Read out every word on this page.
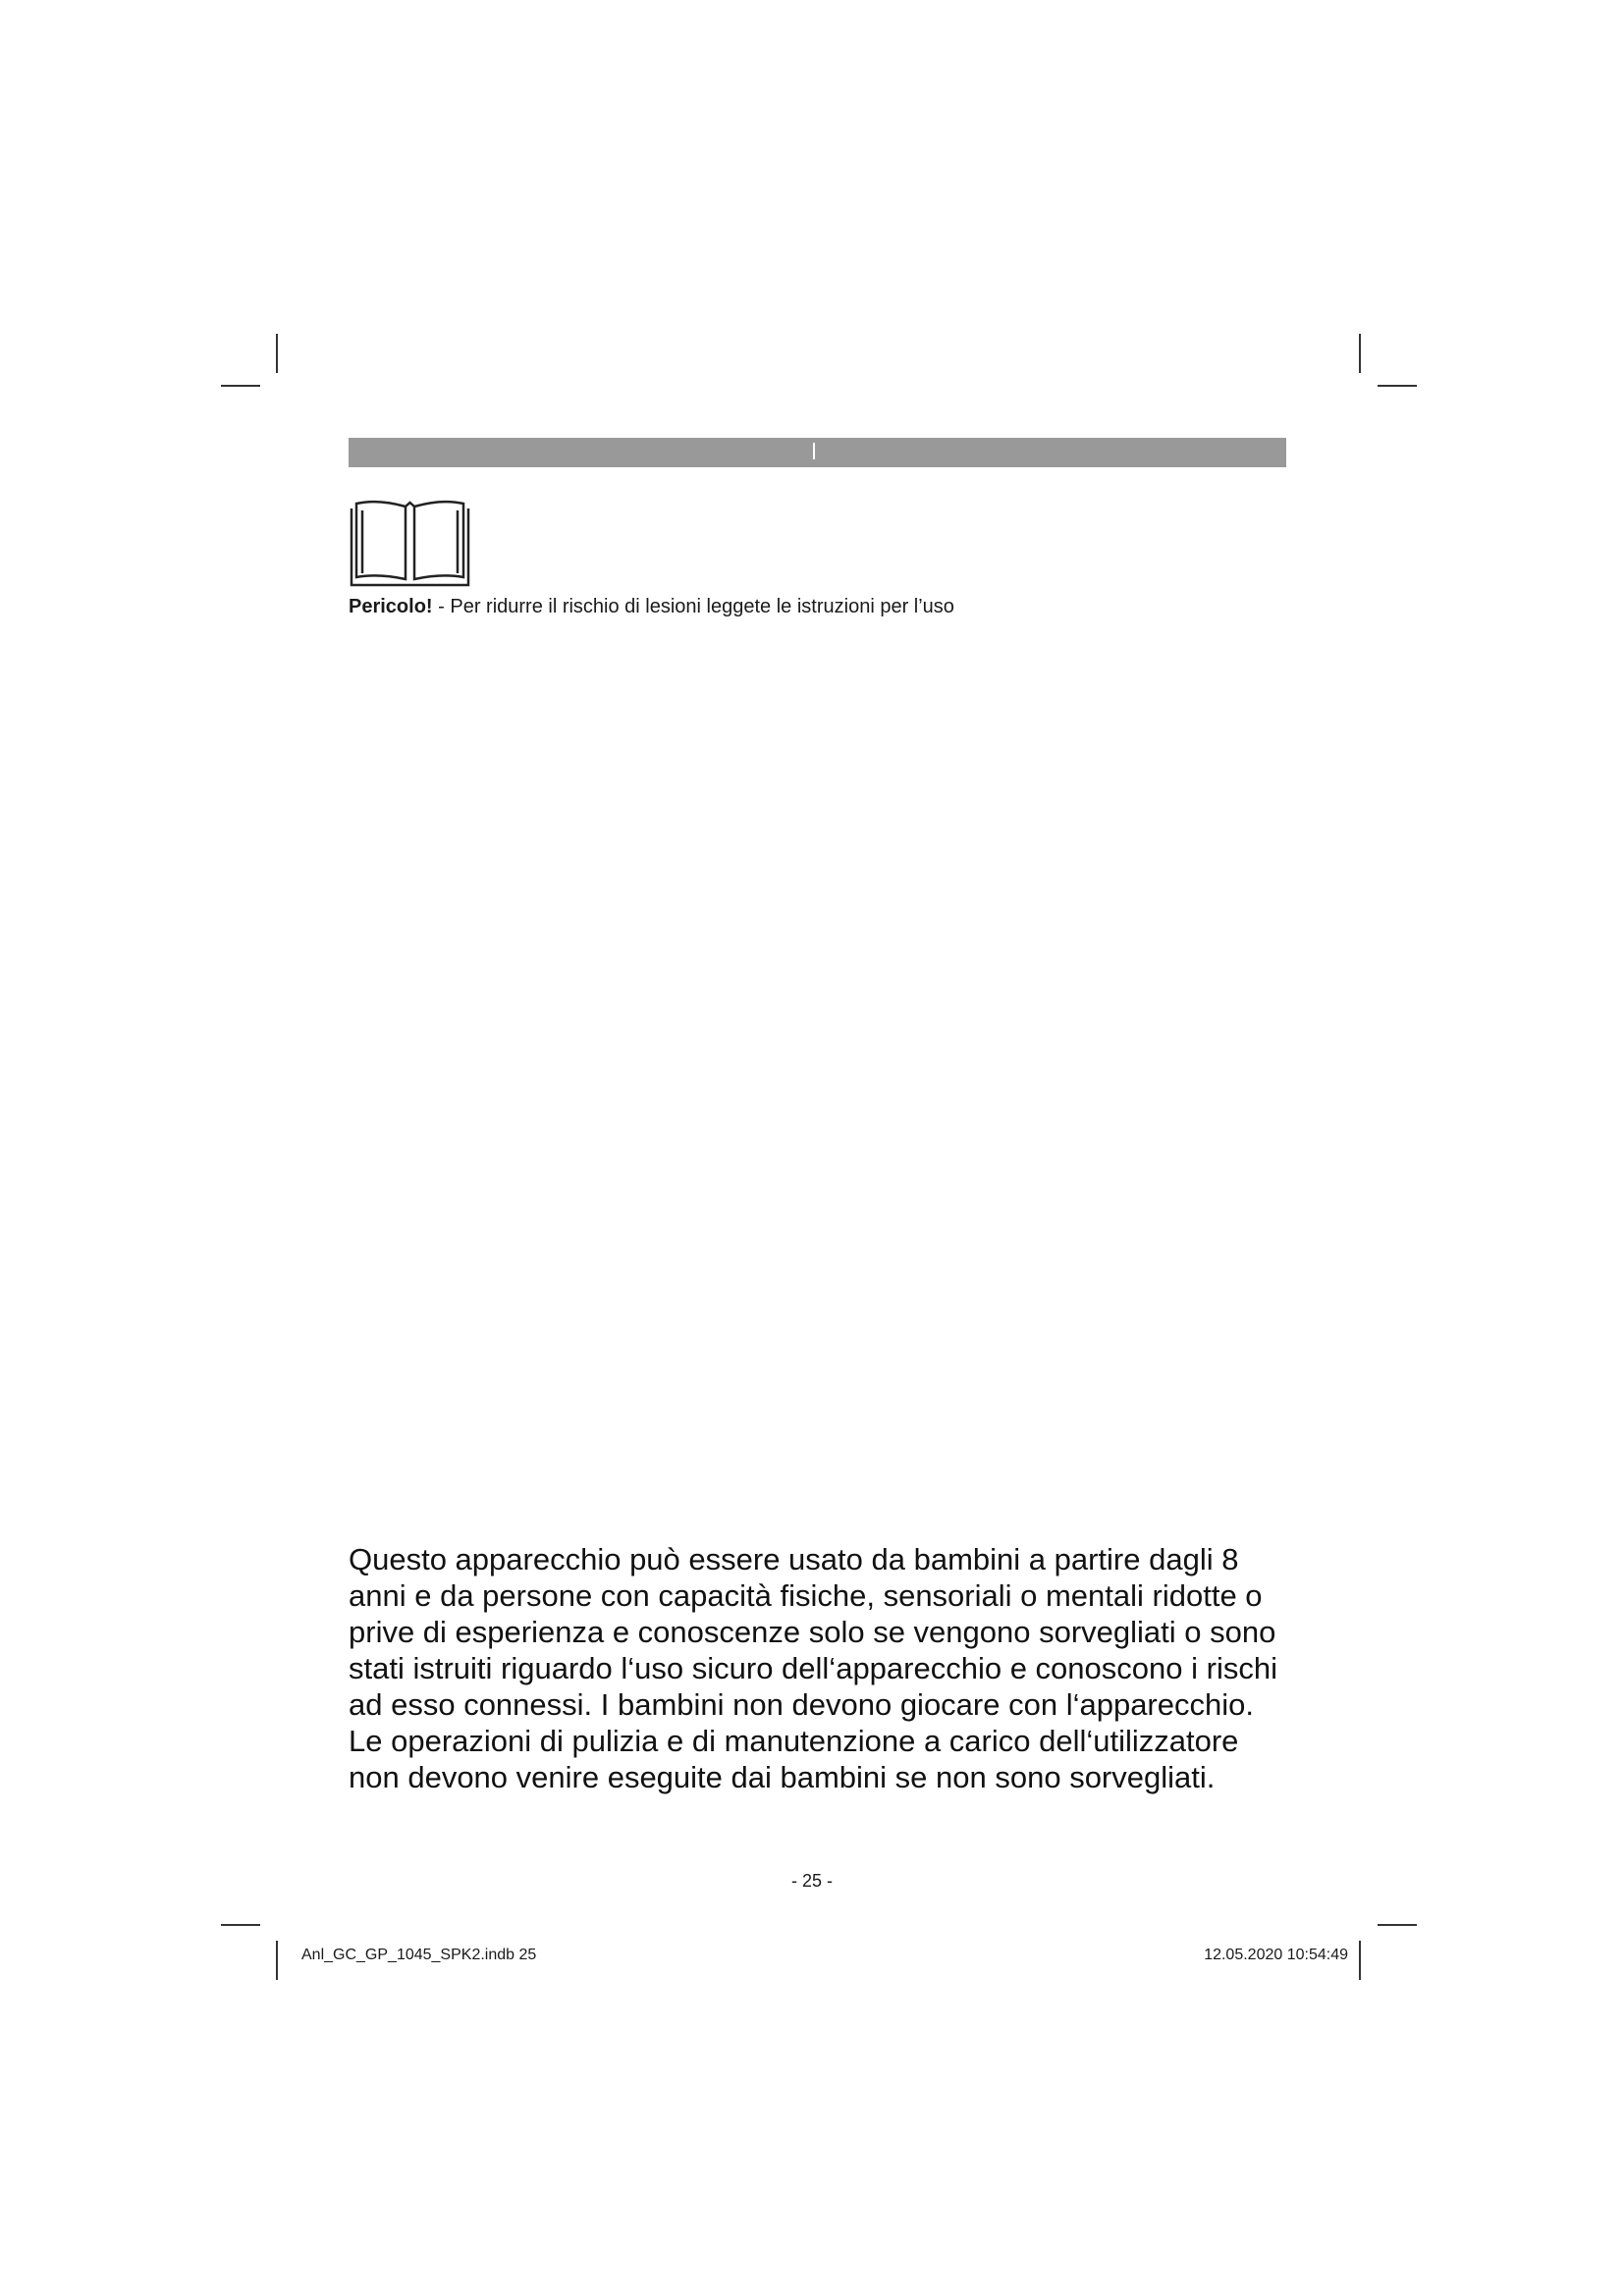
Pericolo! - Per ridurre il rischio di lesioni leggete le istruzioni per l’uso
Questo apparecchio può essere usato da bambini a partire dagli 8
anni e da persone con capacità fisiche, sensoriali o mentali ridotte o
prive di esperienza e conoscenze solo se vengono sorvegliati o sono
stati istruiti riguardo l‘uso sicuro dell‘apparecchio e conoscono i rischi
ad esso connessi. I bambini non devono giocare con l‘apparecchio.
Le operazioni di pulizia e di manutenzione a carico dell‘utilizzatore
non devono venire eseguite dai bambini se non sono sorvegliati.
- 25 -
Anl_GC_GP_1045_SPK2.indb 25	12.05.2020 10:54:49
